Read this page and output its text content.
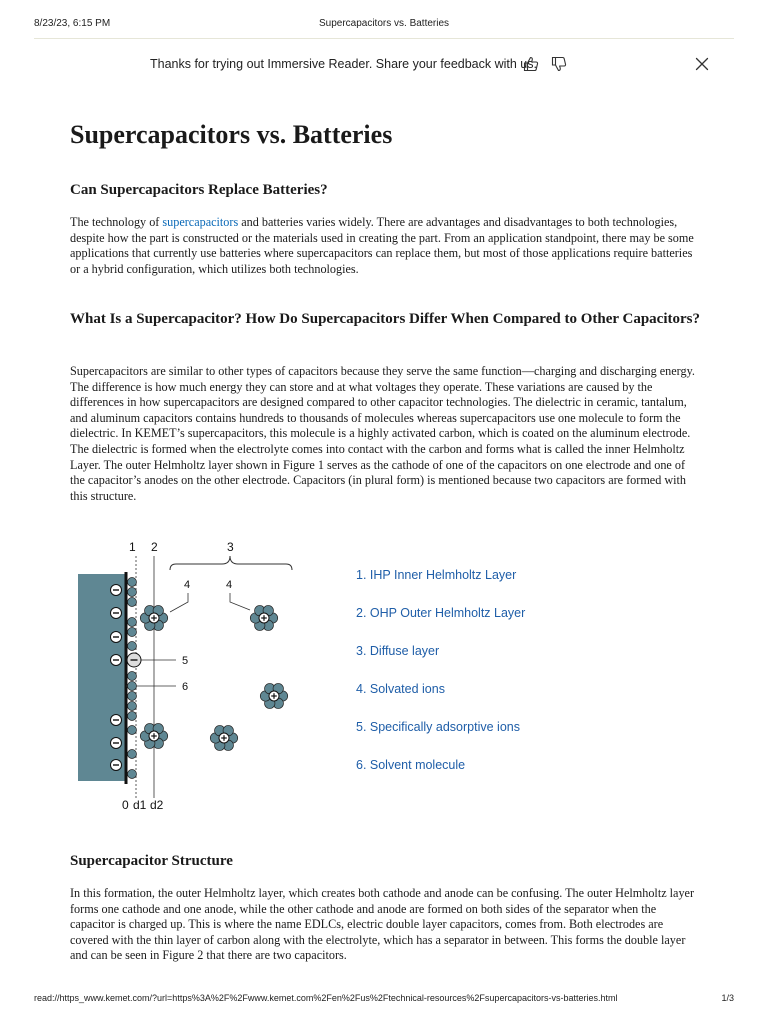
8/23/23, 6:15 PM	Supercapacitors vs. Batteries
Thanks for trying out Immersive Reader. Share your feedback with us.
Supercapacitors vs. Batteries
Can Supercapacitors Replace Batteries?

The technology of supercapacitors and batteries varies widely. There are advantages and disadvantages to both technologies, despite how the part is constructed or the materials used in creating the part. From an application standpoint, there may be some applications that currently use batteries where supercapacitors can replace them, but most of those applications require batteries or a hybrid configuration, which utilizes both technologies.

What Is a Supercapacitor? How Do Supercapacitors Differ When Compared to Other Capacitors?

Supercapacitors are similar to other types of capacitors because they serve the same function—charging and discharging energy. The difference is how much energy they can store and at what voltages they operate. These variations are caused by the differences in how supercapacitors are designed compared to other capacitor technologies. The dielectric in ceramic, tantalum, and aluminum capacitors contains hundreds to thousands of molecules whereas supercapacitors use one molecule to form the dielectric. In KEMET’s supercapacitors, this molecule is a highly activated carbon, which is coated on the aluminum electrode. The dielectric is formed when the electrolyte comes into contact with the carbon and forms what is called the inner Helmholtz Layer. The outer Helmholtz layer shown in Figure 1 serves as the cathode of one of the capacitors on one electrode and one of the capacitor’s anodes on the other electrode. Capacitors (in plural form) is mentioned because two capacitors are formed with this structure.

Supercapacitor Structure

In this formation, the outer Helmholtz layer, which creates both cathode and anode can be confusing. The outer Helmholtz layer forms one cathode and one anode, while the other cathode and anode are formed on both sides of the separator when the capacitor is charged up. This is where the name EDLCs, electric double layer capacitors, comes from. Both electrodes are covered with the thin layer of carbon along with the electrolyte, which has a separator in between. This forms the double layer and can be seen in Figure 2 that there are two capacitors.

1 2	3
4	4
5
6
0 d1 d2
1. IHP Inner Helmholtz Layer
2. OHP Outer Helmholtz Layer
3. Diffuse layer
4. Solvated ions
5. Specifically adsorptive ions
6. Solvent molecule
read://https_www.kemet.com/?url=https%3A%2F%2Fwww.kemet.com%2Fen%2Fus%2Ftechnical-resources%2Fsupercapacitors-vs-batteries.html	1/3
